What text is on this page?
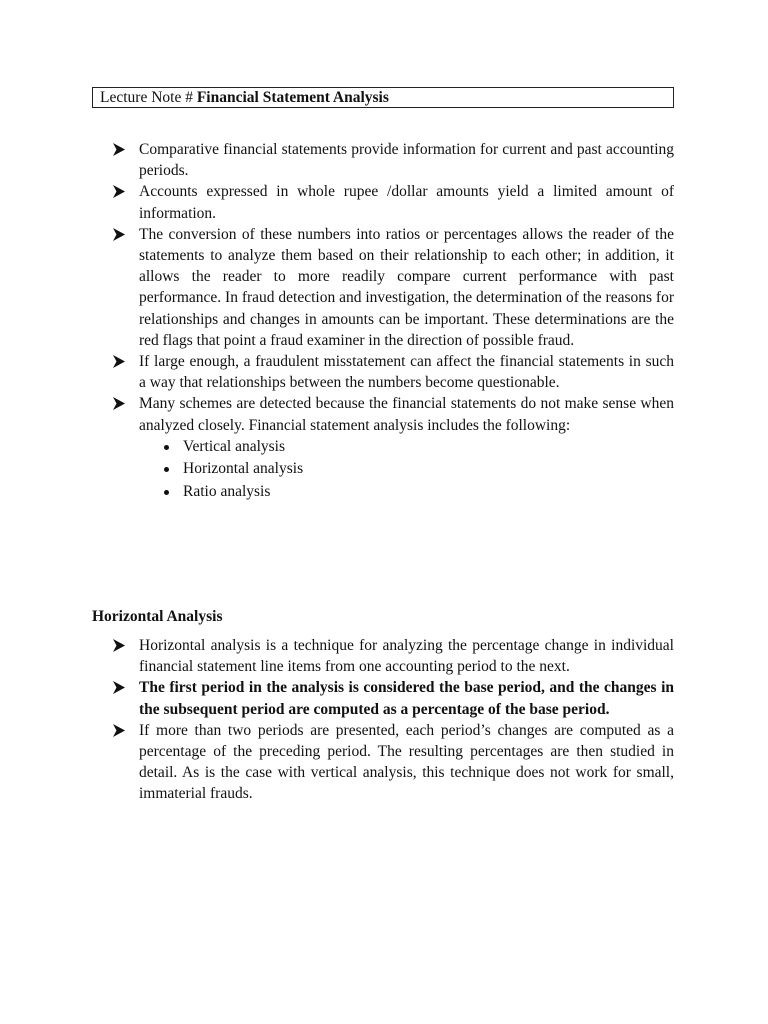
Lecture Note # Financial Statement Analysis
Comparative financial statements provide information for current and past accounting periods.
Accounts expressed in whole rupee /dollar amounts yield a limited amount of information.
The conversion of these numbers into ratios or percentages allows the reader of the statements to analyze them based on their relationship to each other; in addition, it allows the reader to more readily compare current performance with past performance. In fraud detection and investigation, the determination of the reasons for relationships and changes in amounts can be important. These determinations are the red flags that point a fraud examiner in the direction of possible fraud.
If large enough, a fraudulent misstatement can affect the financial statements in such a way that relationships between the numbers become questionable.
Many schemes are detected because the financial statements do not make sense when analyzed closely. Financial statement analysis includes the following:
Vertical analysis
Horizontal analysis
Ratio analysis
Horizontal Analysis
Horizontal analysis is a technique for analyzing the percentage change in individual financial statement line items from one accounting period to the next.
The first period in the analysis is considered the base period, and the changes in the subsequent period are computed as a percentage of the base period.
If more than two periods are presented, each period’s changes are computed as a percentage of the preceding period. The resulting percentages are then studied in detail. As is the case with vertical analysis, this technique does not work for small, immaterial frauds.
